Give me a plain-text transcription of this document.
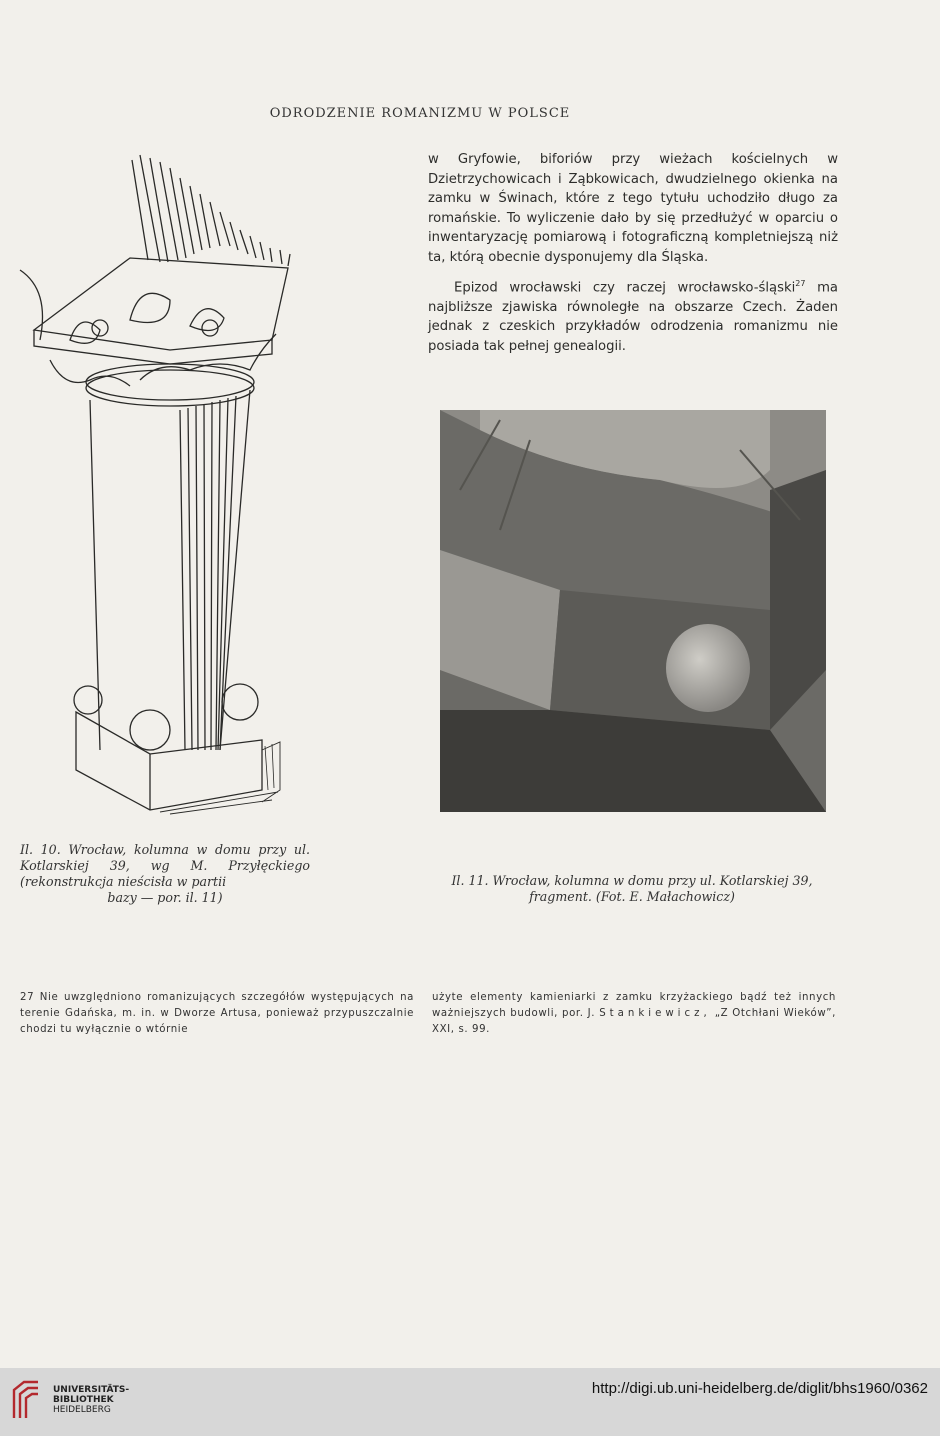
ODRODZENIE ROMANIZMU W POLSCE

w Gryfowie, biforiów przy wieżach kościelnych w Dzietrzychowicach i Ząbkowicach, dwudzielnego okienka na zamku w Świnach, które z tego tytułu uchodziło długo za romańskie. To wyliczenie dało by się przedłużyć w oparciu o inwentaryzację pomiarową i fotograficzną kompletniejszą niż ta, którą obecnie dysponujemy dla Śląska.

Epizod wrocławski czy raczej wrocławsko-śląski$^{27}$ ma najbliższe zjawiska równoległe na obszarze Czech. Żaden jednak z czeskich przykładów odrodzenia romanizmu nie posiada tak pełnej genealogii.

Il. 10. Wrocław, kolumna w domu przy ul. Kotlarskiej 39, wg M. Przyłęckiego (rekonstrukcja nieścisła w partii
bazy — por. il. 11)
Il. 11. Wrocław, kolumna w domu przy ul. Kotlarskiej 39, fragment. (Fot. E. Małachowicz)
27 Nie uwzględniono romanizujących szczegółów występujących na terenie Gdańska, m. in. w Dworze Artusa, ponieważ przypuszczalnie chodzi tu wyłącznie o wtórnie
użyte elementy kamieniarki z zamku krzyżackiego bądź też innych ważniejszych budowli, por. J. Stankiewicz, „Z Otchłani Wieków”, XXI, s. 99.
UNIVERSITÄTS-
BIBLIOTHEK
HEIDELBERG
http://digi.ub.uni-heidelberg.de/diglit/bhs1960/0362
